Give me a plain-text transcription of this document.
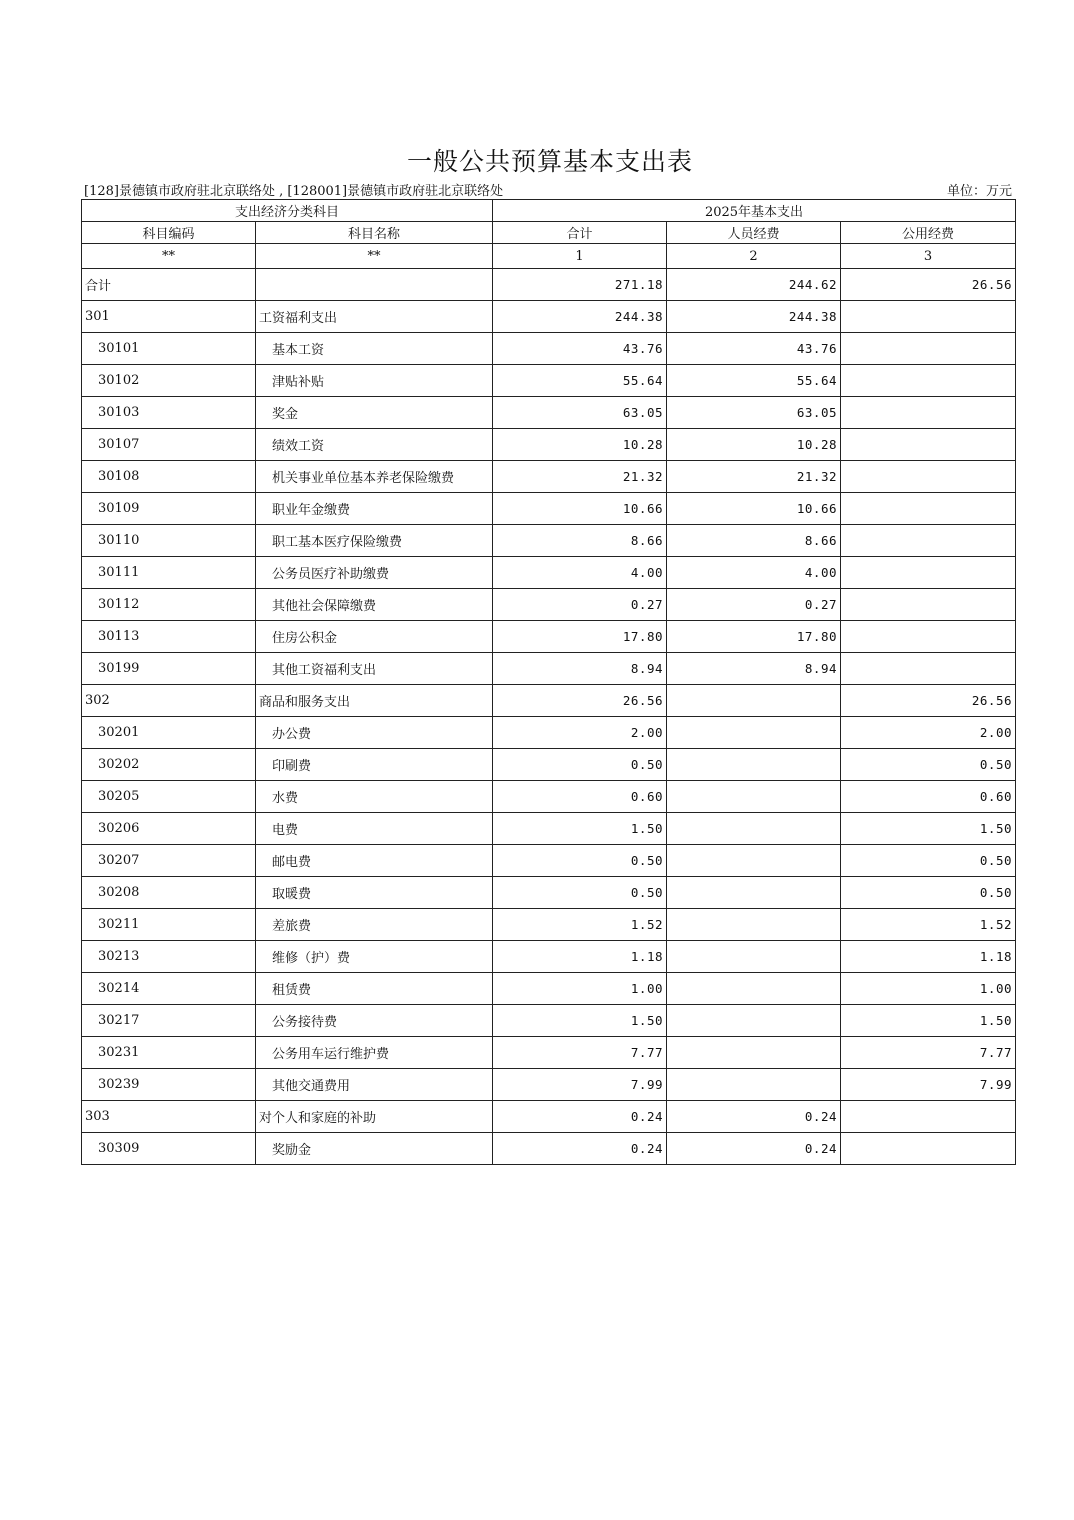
一般公共预算基本支出表
[128]景德镇市政府驻北京联络处 , [128001]景德镇市政府驻北京联络处	单位：万元
支出经济分类科目		2025年基本支出		
科目编码	科目名称	合计	人员经费	公用经费
**	**	1	2	3
合计		271.18	244.62	26.56
301	工资福利支出	244.38	244.38	
30101	基本工资	43.76	43.76	
30102	津贴补贴	55.64	55.64	
30103	奖金	63.05	63.05	
30107	绩效工资	10.28	10.28	
30108	机关事业单位基本养老保险缴费	21.32	21.32	
30109	职业年金缴费	10.66	10.66	
30110	职工基本医疗保险缴费	8.66	8.66	
30111	公务员医疗补助缴费	4.00	4.00	
30112	其他社会保障缴费	0.27	0.27	
30113	住房公积金	17.80	17.80	
30199	其他工资福利支出	8.94	8.94	
302	商品和服务支出	26.56		26.56
30201	办公费	2.00		2.00
30202	印刷费	0.50		0.50
30205	水费	0.60		0.60
30206	电费	1.50		1.50
30207	邮电费	0.50		0.50
30208	取暖费	0.50		0.50
30211	差旅费	1.52		1.52
30213	维修（护）费	1.18		1.18
30214	租赁费	1.00		1.00
30217	公务接待费	1.50		1.50
30231	公务用车运行维护费	7.77		7.77
30239	其他交通费用	7.99		7.99
303	对个人和家庭的补助	0.24	0.24	
30309	奖励金	0.24	0.24	
